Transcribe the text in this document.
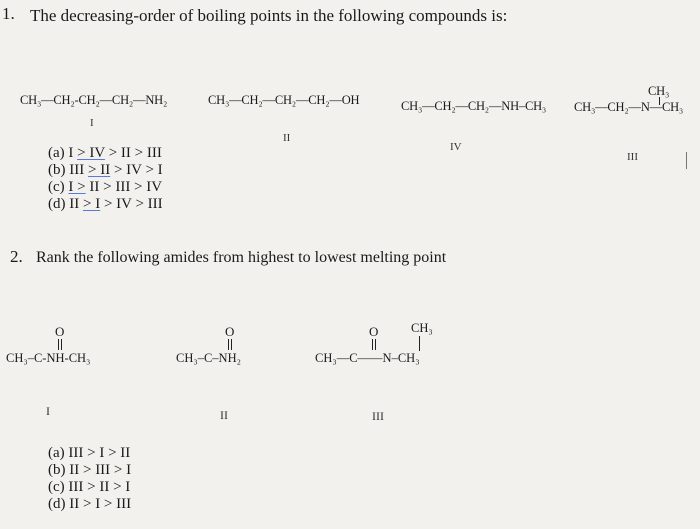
1. The decreasing-order of boiling points in the following compounds is:
CH₃—CH₂-CH₂—CH₂—NH₂
I
CH₃—CH₂—CH₂—CH₂—OH
II
CH₃—CH₂—CH₂—NH–CH₃
IV
CH₃—CH₂—N—CH₃
CH₃
III
(a) I > IV > II > III
(b) III > II > IV > I
(c) I > II > III > IV
(d) II > I > IV > III
2. Rank the following amides from highest to lowest melting point
O
CH₃–C-NH-CH₃
I
O
CH₃–C–NH₂
II
O
CH₃—C——N–CH₃
CH₃
III
(a) III > I > II
(b) II > III > I
(c) III > II > I
(d) II > I > III
